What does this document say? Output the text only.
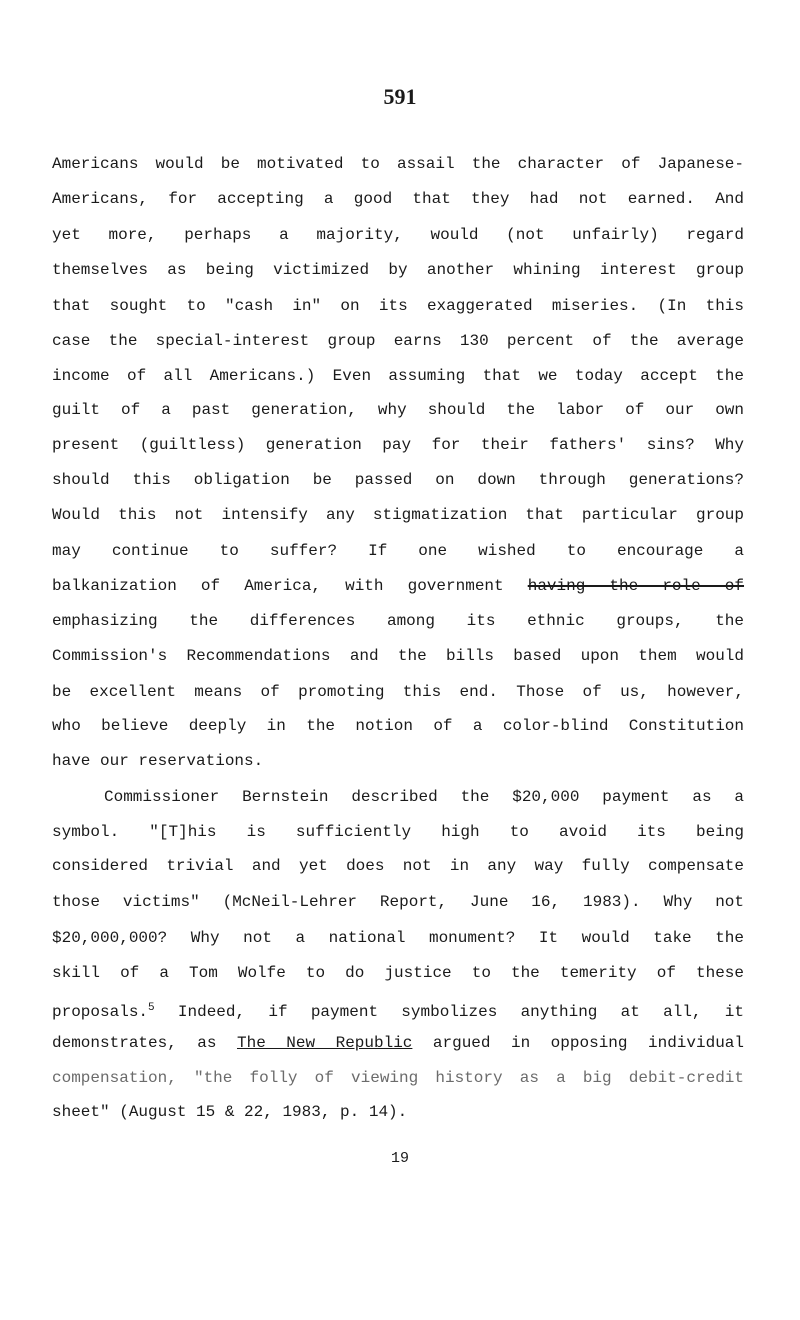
591
Americans would be motivated to assail the character of Japanese-
Americans, for accepting a good that they had not earned. And
yet more, perhaps a majority, would (not unfairly) regard
themselves as being victimized by another whining interest group
that sought to "cash in" on its exaggerated miseries. (In this
case the special-interest group earns 130 percent of the average
income of all Americans.) Even assuming that we today accept the
guilt of a past generation, why should the labor of our own
present (guiltless) generation pay for their fathers' sins? Why
should this obligation be passed on down through generations?
Would this not intensify any stigmatization that particular group
may continue to suffer? If one wished to encourage a
balkanization of America, with government having the role of
emphasizing the differences among its ethnic groups, the
Commission's Recommendations and the bills based upon them would
be excellent means of promoting this end. Those of us, however,
who believe deeply in the notion of a color-blind Constitution
have our reservations.
Commissioner Bernstein described the $20,000 payment as a
symbol. "[T]his is sufficiently high to avoid its being
considered trivial and yet does not in any way fully compensate
those victims" (McNeil-Lehrer Report, June 16, 1983). Why not
$20,000,000? Why not a national monument? It would take the
skill of a Tom Wolfe to do justice to the temerity of these
proposals.$^5$ Indeed, if payment symbolizes anything at all, it
demonstrates, as The New Republic argued in opposing individual
compensation, "the folly of viewing history as a big debit-credit
sheet" (August 15 & 22, 1983, p. 14).
19
